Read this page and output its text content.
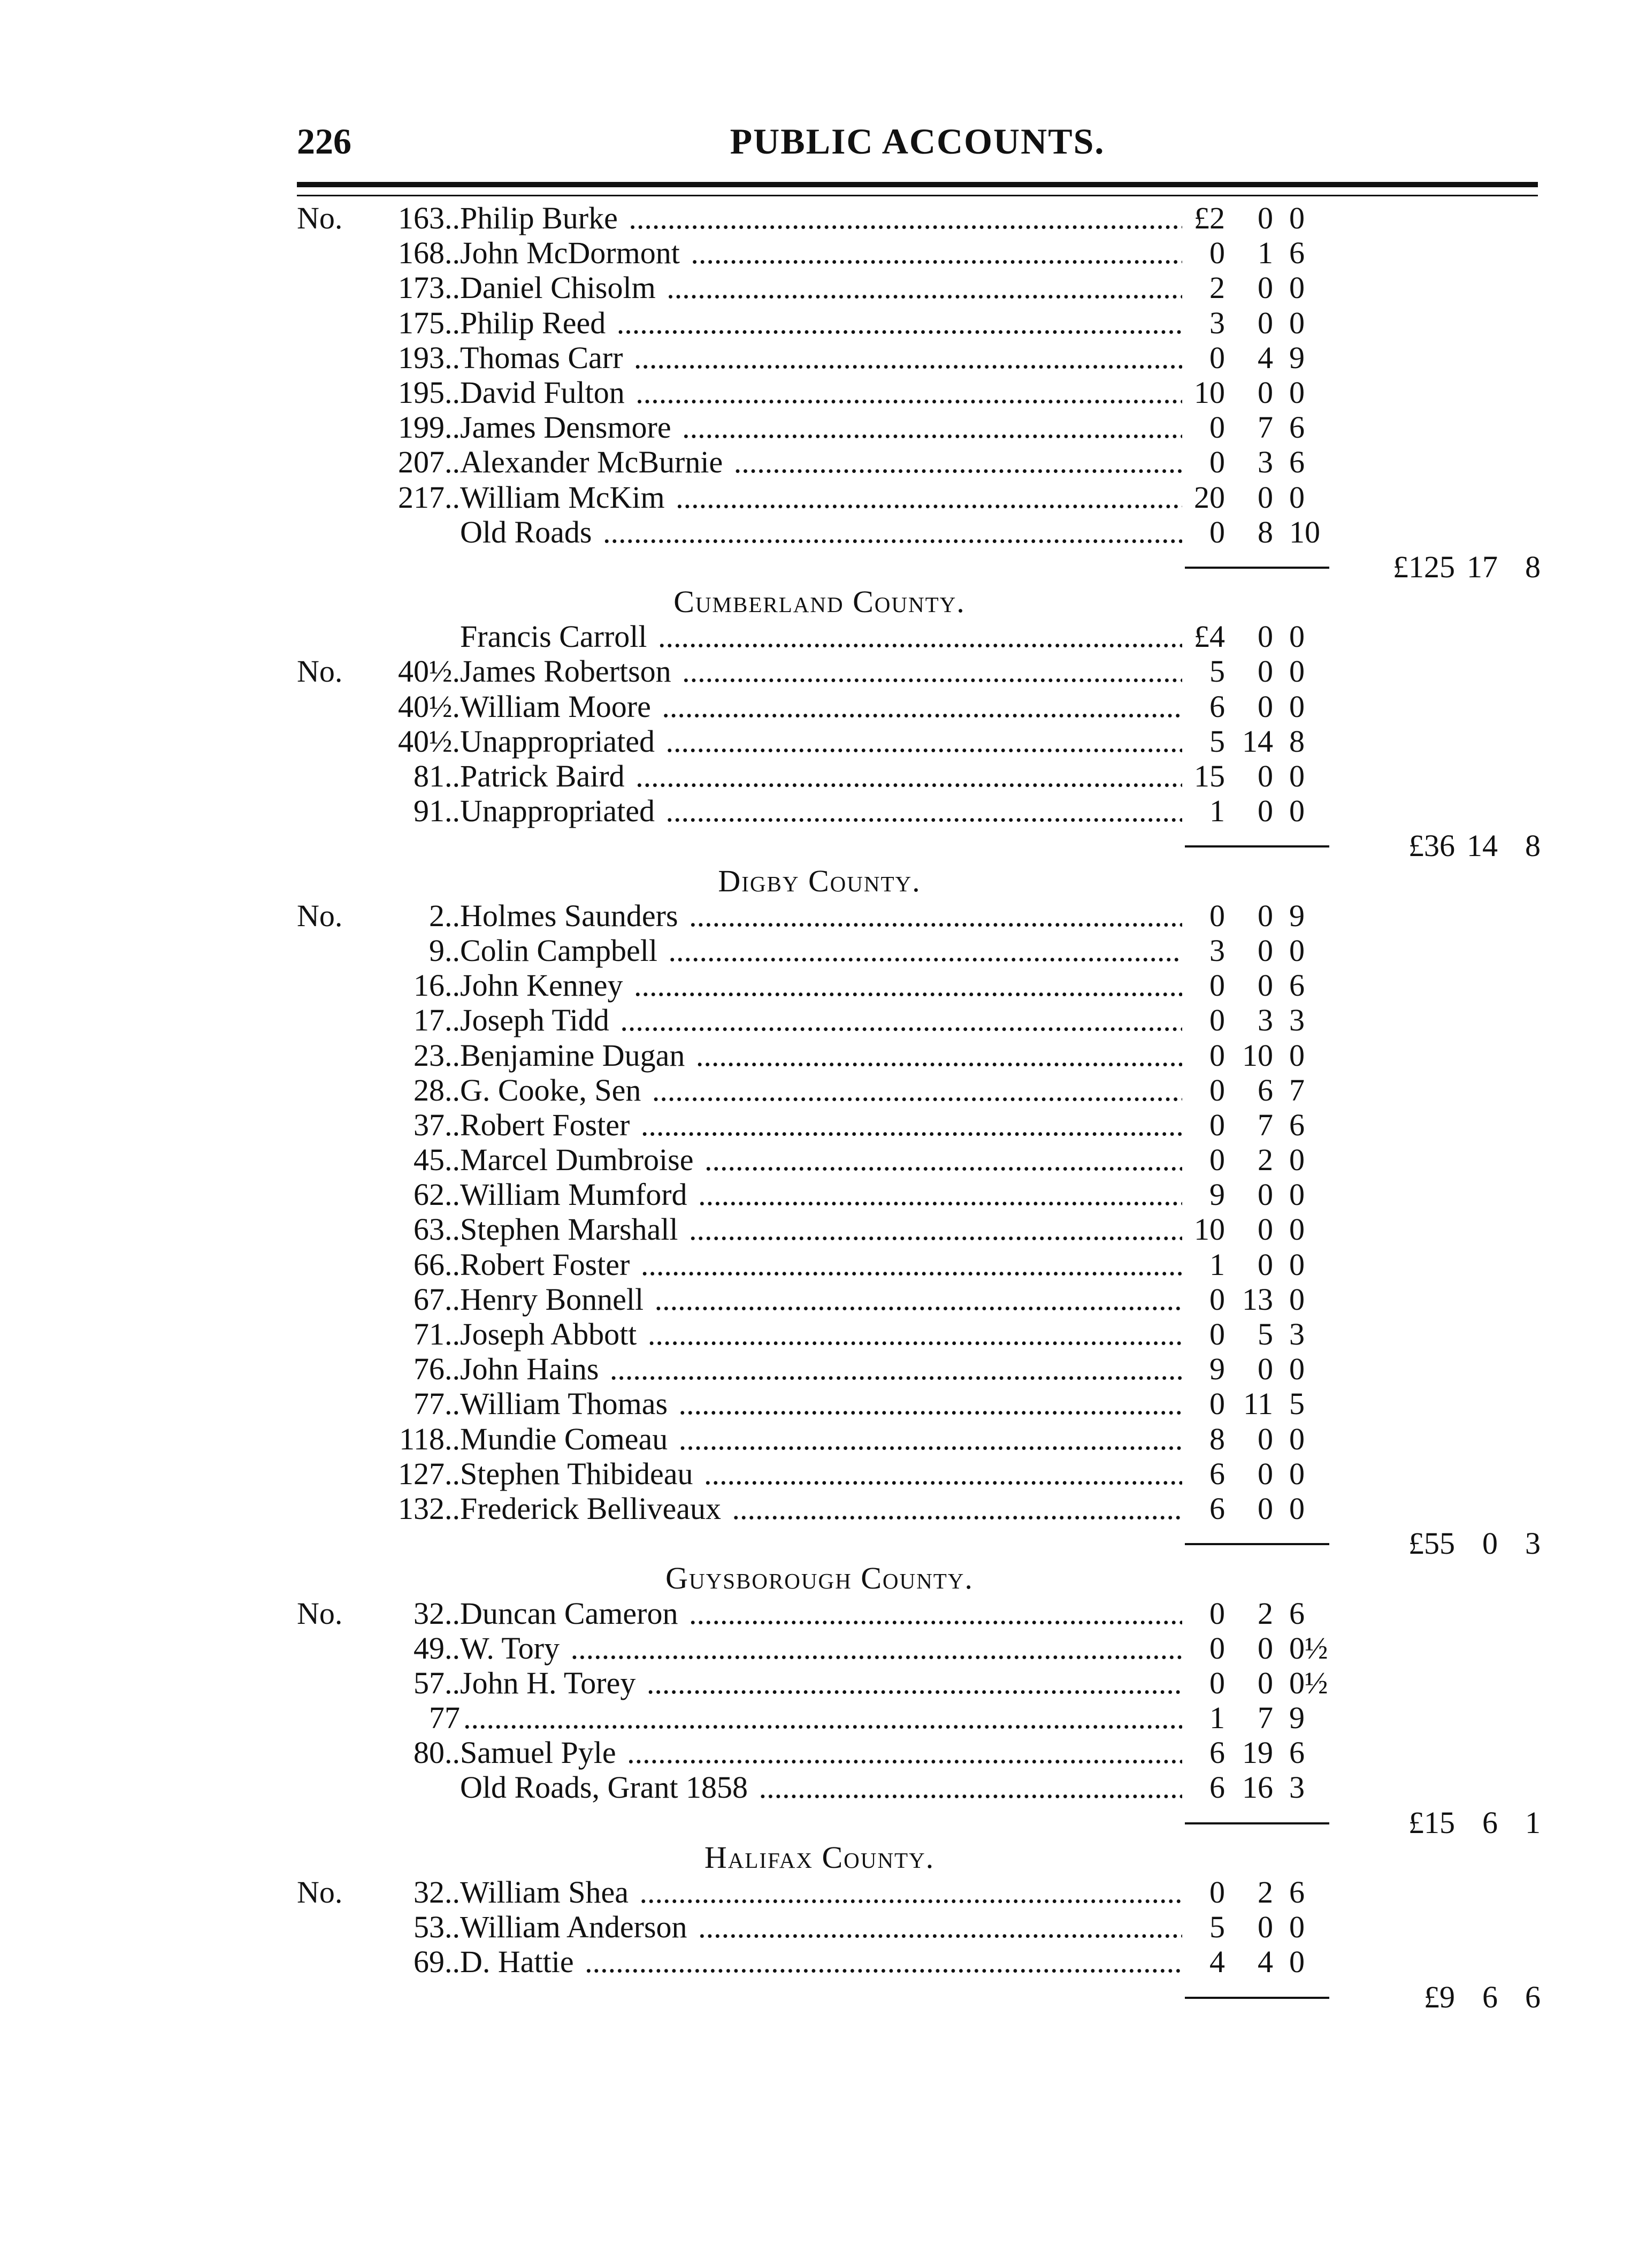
226	PUBLIC ACCOUNTS.
No.	163.. Philip Burke .....	£2	0 0
168.. John McDormont .....	0	1 6
173.. Daniel Chisolm .....	2	0 0
175.. Philip Reed .....	3	0 0
193.. Thomas Carr .....	0	4 9
195.. David Fulton .....	10	0 0
199.. James Densmore .....	0	7 6
207.. Alexander McBurnie .....	0	3 6
217.. William McKim .....	20	0 0
Old Roads .....	0	8 10
£125 17 8
Cumberland County.
Francis Carroll .....	£4	0 0
No.	40½. James Robertson .....	5	0 0
40½. William Moore .....	6	0 0
40½. Unappropriated .....	5 14 8
81.. Patrick Baird .....	15	0 0
91.. Unappropriated .....	1	0 0
£36 14 8
Digby County.
No.	2.. Holmes Saunders .....	0	0 9
9.. Colin Campbell .....	3	0 0
16.. John Kenney .....	0	0 6
17.. Joseph Tidd .....	0	3 3
23.. Benjamine Dugan .....	0 10 0
28.. G. Cooke, Sen .....	0	6 7
37.. Robert Foster .....	0	7 6
45.. Marcel Dumbroise .....	0	2 0
62.. William Mumford .....	9	0 0
63.. Stephen Marshall .....	10	0 0
66.. Robert Foster .....	1	0 0
67.. Henry Bonnell .....	0 13 0
71.. Joseph Abbott .....	0	5 3
76.. John Hains .....	9	0 0
77.. William Thomas .....	0 11 5
118.. Mundie Comeau .....	8	0 0
127.. Stephen Thibideau .....	6	0 0
132.. Frederick Belliveaux .....	6	0 0
£55 0 3
Guysborough County.
No.	32.. Duncan Cameron .....	0	2 6
49.. W. Tory .....	0	0 0½
57.. John H. Torey .....	0	0 0½
77
.....	1	7 9
80.. Samuel Pyle .....	6 19 6
Old Roads, Grant 1858 .....	6 16 3
£15 6 1
Halifax County.
No.	32.. William Shea .....	0	2 6
53.. William Anderson .....	5	0 0
69.. D. Hattie .....	4	4 0
£9 6 6
